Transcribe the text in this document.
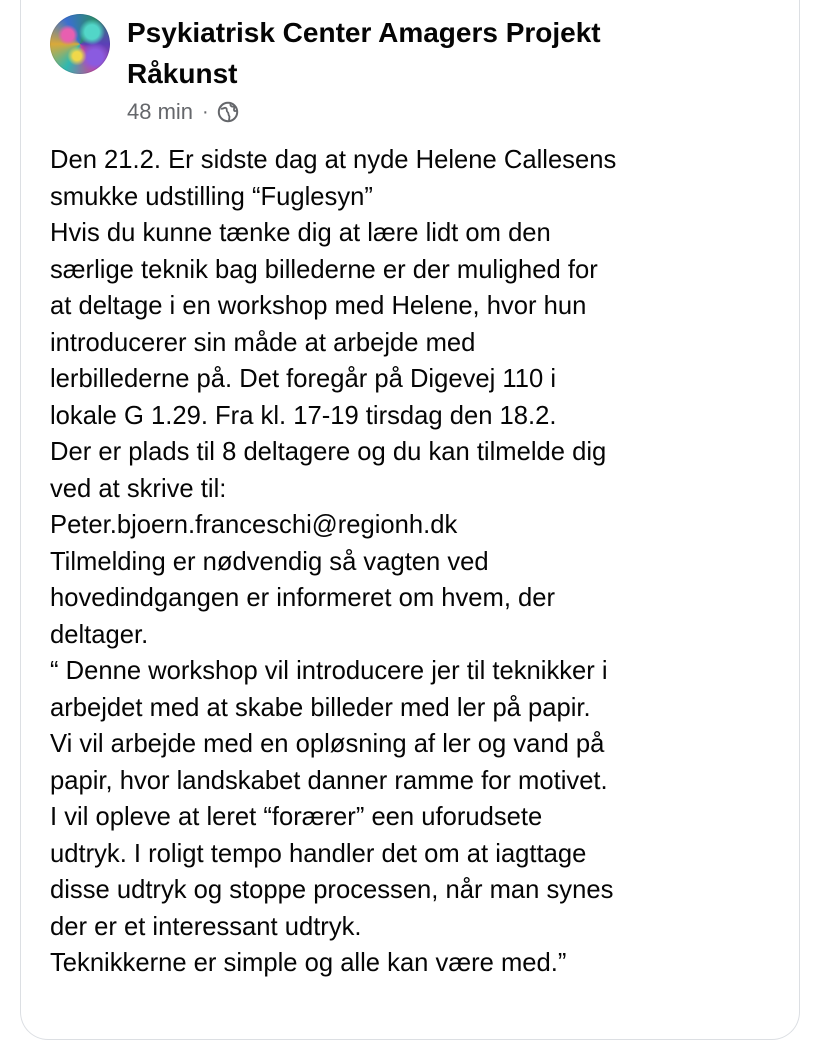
Psykiatrisk Center Amagers Projekt
Råkunst
48 min ·
Den 21.2. Er sidste dag at nyde Helene Callesens
smukke udstilling “Fuglesyn”
Hvis du kunne tænke dig at lære lidt om den
særlige teknik bag billederne er der mulighed for
at deltage i en workshop med Helene, hvor hun
introducerer sin måde at arbejde med
lerbillederne på. Det foregår på Digevej 110 i
lokale G 1.29. Fra kl. 17-19 tirsdag den 18.2.
Der er plads til 8 deltagere og du kan tilmelde dig
ved at skrive til:
Peter.bjoern.franceschi@regionh.dk
Tilmelding er nødvendig så vagten ved
hovedindgangen er informeret om hvem, der
deltager.
“ Denne workshop vil introducere jer til teknikker i
arbejdet med at skabe billeder med ler på papir.
Vi vil arbejde med en opløsning af ler og vand på
papir, hvor landskabet danner ramme for motivet.
I vil opleve at leret “forærer” een uforudsete
udtryk. I roligt tempo handler det om at iagttage
disse udtryk og stoppe processen, når man synes
der er et interessant udtryk.
Teknikkerne er simple og alle kan være med.”
